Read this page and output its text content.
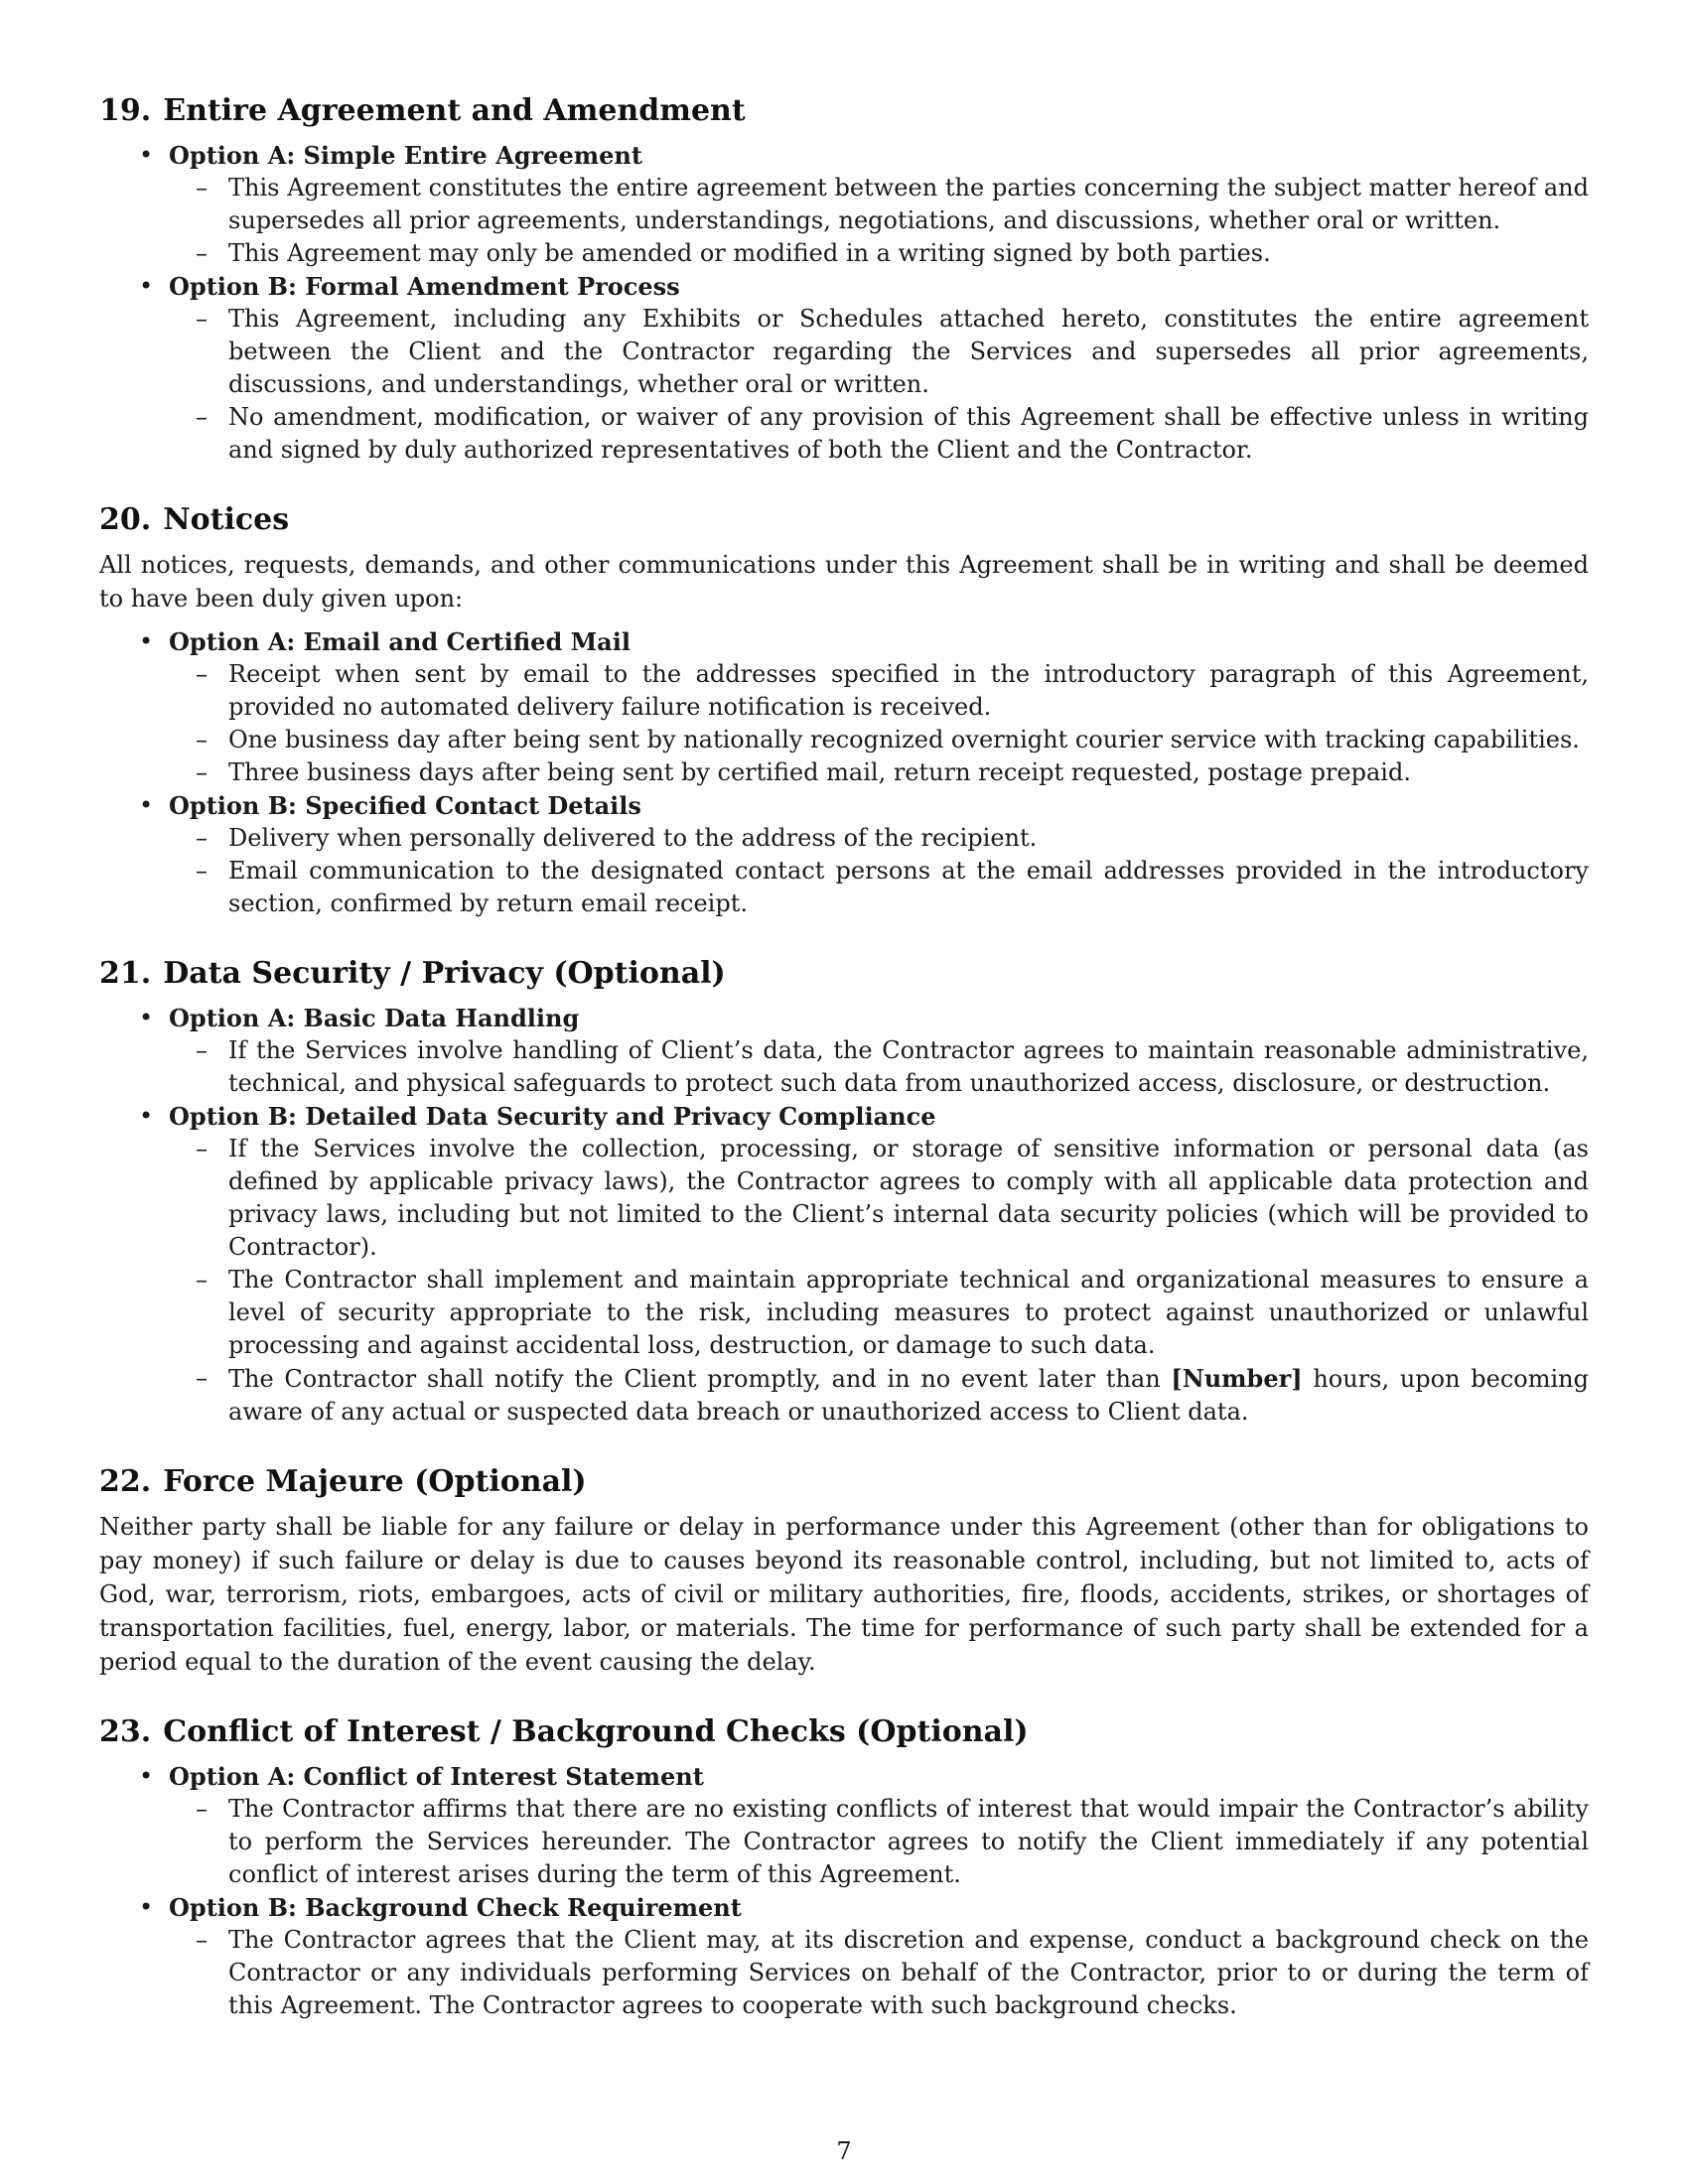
19. Entire Agreement and Amendment
• Option A: Simple Entire Agreement
– This Agreement constitutes the entire agreement between the parties concerning the subject matter hereof and supersedes all prior agreements, understandings, negotiations, and discussions, whether oral or written.
– This Agreement may only be amended or modified in a writing signed by both parties.
• Option B: Formal Amendment Process
– This Agreement, including any Exhibits or Schedules attached hereto, constitutes the entire agreement between the Client and the Contractor regarding the Services and supersedes all prior agreements, discussions, and understandings, whether oral or written.
– No amendment, modification, or waiver of any provision of this Agreement shall be effective unless in writing and signed by duly authorized representatives of both the Client and the Contractor.
20. Notices

All notices, requests, demands, and other communications under this Agreement shall be in writing and shall be deemed to have been duly given upon:

• Option A: Email and Certified Mail
– Receipt when sent by email to the addresses specified in the introductory paragraph of this Agreement, provided no automated delivery failure notification is received.
– One business day after being sent by nationally recognized overnight courier service with tracking capabilities.
– Three business days after being sent by certified mail, return receipt requested, postage prepaid.
• Option B: Specified Contact Details
– Delivery when personally delivered to the address of the recipient.
– Email communication to the designated contact persons at the email addresses provided in the introductory section, confirmed by return email receipt.
21. Data Security / Privacy (Optional)
• Option A: Basic Data Handling
– If the Services involve handling of Client’s data, the Contractor agrees to maintain reasonable administrative, technical, and physical safeguards to protect such data from unauthorized access, disclosure, or destruction.
• Option B: Detailed Data Security and Privacy Compliance
– If the Services involve the collection, processing, or storage of sensitive information or personal data (as defined by applicable privacy laws), the Contractor agrees to comply with all applicable data protection and privacy laws, including but not limited to the Client’s internal data security policies (which will be provided to Contractor).
– The Contractor shall implement and maintain appropriate technical and organizational measures to ensure a level of security appropriate to the risk, including measures to protect against unauthorized or unlawful processing and against accidental loss, destruction, or damage to such data.
– The Contractor shall notify the Client promptly, and in no event later than [Number] hours, upon becoming aware of any actual or suspected data breach or unauthorized access to Client data.
22. Force Majeure (Optional)

Neither party shall be liable for any failure or delay in performance under this Agreement (other than for obligations to pay money) if such failure or delay is due to causes beyond its reasonable control, including, but not limited to, acts of God, war, terrorism, riots, embargoes, acts of civil or military authorities, fire, floods, accidents, strikes, or shortages of transportation facilities, fuel, energy, labor, or materials. The time for performance of such party shall be extended for a period equal to the duration of the event causing the delay.

23. Conflict of Interest / Background Checks (Optional)
• Option A: Conflict of Interest Statement
– The Contractor affirms that there are no existing conflicts of interest that would impair the Contractor’s ability to perform the Services hereunder. The Contractor agrees to notify the Client immediately if any potential conflict of interest arises during the term of this Agreement.
• Option B: Background Check Requirement
– The Contractor agrees that the Client may, at its discretion and expense, conduct a background check on the Contractor or any individuals performing Services on behalf of the Contractor, prior to or during the term of this Agreement. The Contractor agrees to cooperate with such background checks.
7
